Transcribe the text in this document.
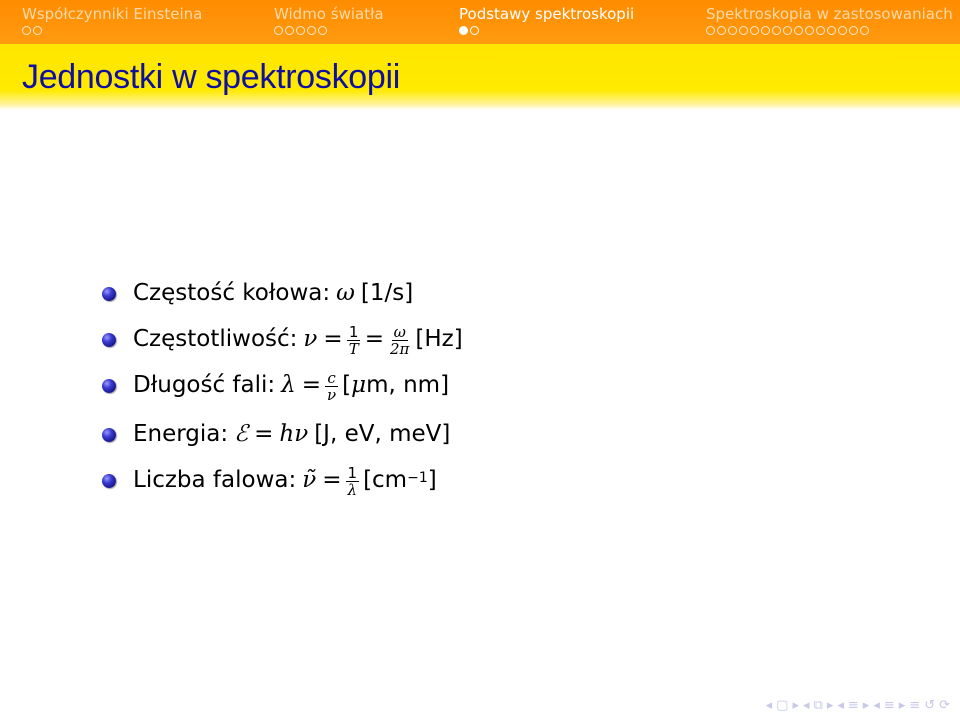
Współczynniki Einsteina	Widmo światła	Podstawy spektroskopii	Spektroskopia w zastosowaniach
Jednostki w spektroskopii
Częstość kołowa: ω [1/s]
Częstotliwość: $\nu = \frac{1}{T} = \frac{\omega}{2\pi} [Hz]$
Długość fali: $\lambda = \frac{c}{\nu}$ [ μ m, nm]
Energia: ℰ = h ν [J, eV, meV]
Liczba falowa: ν̃ = $\frac{1}{\lambda} [cm^{-1}$ ]
◂ ▢ ▸ ◂ ⧉ ▸ ◂ ≡ ▸ ◂ ≡ ▸ ≡ ↺ ⟳
